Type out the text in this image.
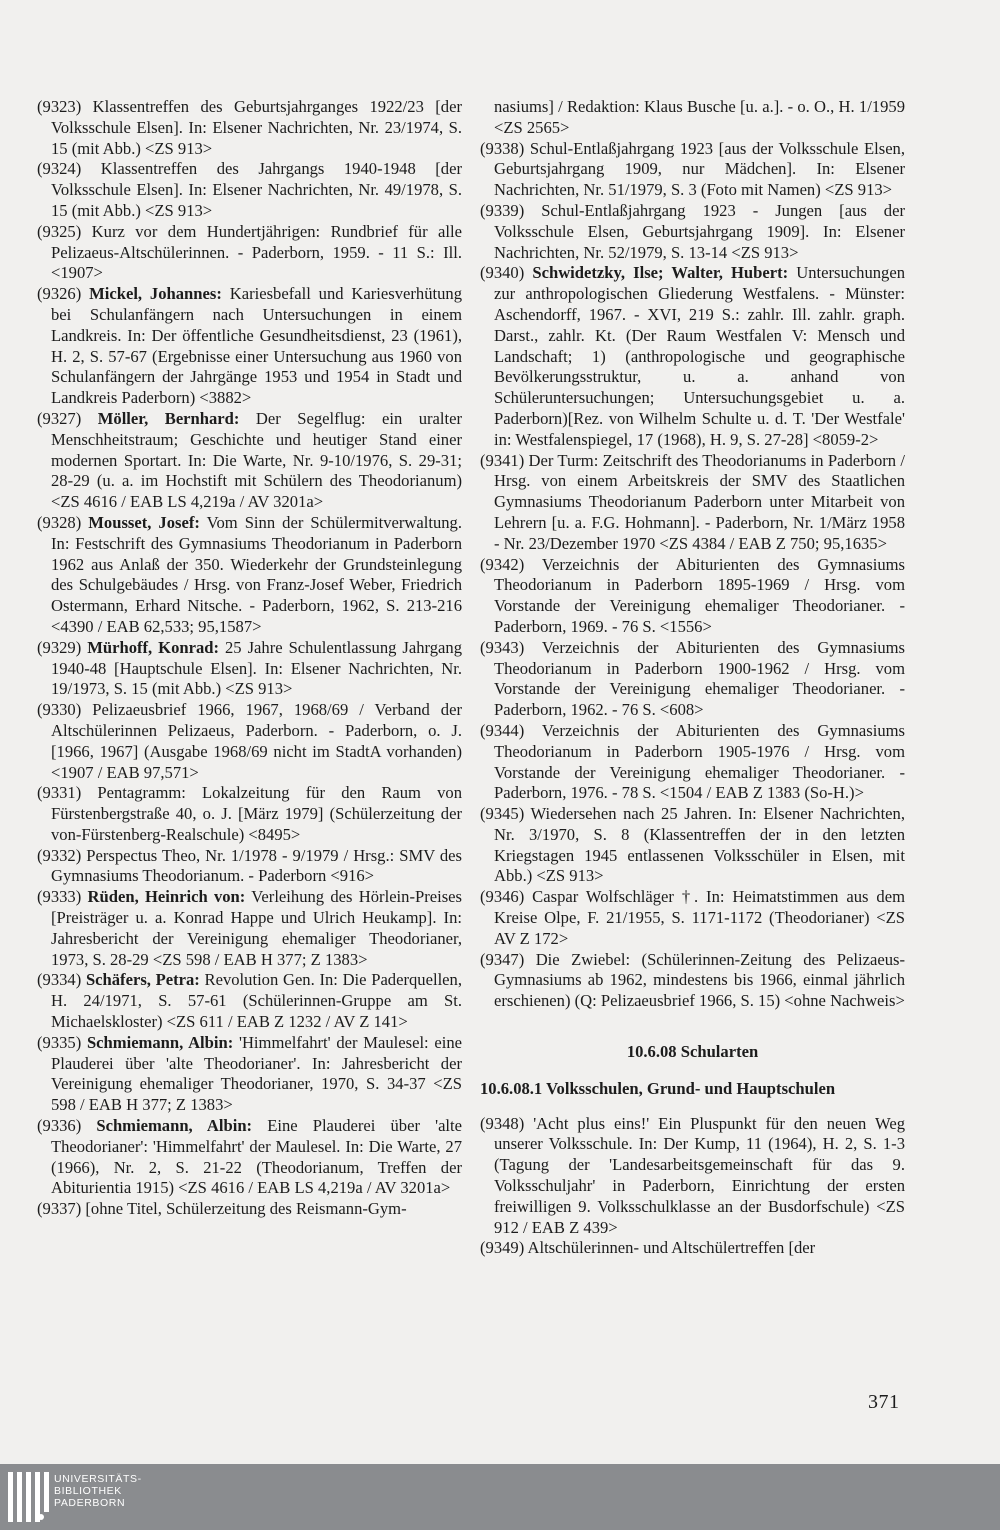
(9323) Klassentreffen des Geburtsjahrganges 1922/23 [der Volksschule Elsen]. In: Elsener Nachrichten, Nr. 23/1974, S. 15 (mit Abb.) <ZS 913>

(9324) Klassentreffen des Jahrgangs 1940-1948 [der Volksschule Elsen]. In: Elsener Nachrichten, Nr. 49/1978, S. 15 (mit Abb.) <ZS 913>

(9325) Kurz vor dem Hundertjährigen: Rundbrief für alle Pelizaeus-Altschülerinnen. - Paderborn, 1959. - 11 S.: Ill. <1907>

(9326) Mickel, Johannes: Kariesbefall und Kariesverhütung bei Schulanfängern nach Untersuchungen in einem Landkreis. In: Der öffentliche Gesundheitsdienst, 23 (1961), H. 2, S. 57-67 (Ergebnisse einer Untersuchung aus 1960 von Schulanfängern der Jahrgänge 1953 und 1954 in Stadt und Landkreis Paderborn) <3882>

(9327) Möller, Bernhard: Der Segelflug: ein uralter Menschheitstraum; Geschichte und heutiger Stand einer modernen Sportart. In: Die Warte, Nr. 9-10/1976, S. 29-31; 28-29 (u. a. im Hochstift mit Schülern des Theodorianum) <ZS 4616 / EAB LS 4,219a / AV 3201a>

(9328) Mousset, Josef: Vom Sinn der Schülermitverwaltung. In: Festschrift des Gymnasiums Theodorianum in Paderborn 1962 aus Anlaß der 350. Wiederkehr der Grundsteinlegung des Schulgebäudes / Hrsg. von Franz-Josef Weber, Friedrich Ostermann, Erhard Nitsche. - Paderborn, 1962, S. 213-216 <4390 / EAB 62,533; 95,1587>

(9329) Mürhoff, Konrad: 25 Jahre Schulentlassung Jahrgang 1940-48 [Hauptschule Elsen]. In: Elsener Nachrichten, Nr. 19/1973, S. 15 (mit Abb.) <ZS 913>

(9330) Pelizaeusbrief 1966, 1967, 1968/69 / Verband der Altschülerinnen Pelizaeus, Paderborn. - Paderborn, o. J. [1966, 1967] (Ausgabe 1968/69 nicht im StadtA vorhanden) <1907 / EAB 97,571>

(9331) Pentagramm: Lokalzeitung für den Raum von Fürstenbergstraße 40, o. J. [März 1979] (Schülerzeitung der von-Fürstenberg-Realschule) <8495>

(9332) Perspectus Theo, Nr. 1/1978 - 9/1979 / Hrsg.: SMV des Gymnasiums Theodorianum. - Paderborn <916>

(9333) Rüden, Heinrich von: Verleihung des Hörlein-Preises [Preisträger u. a. Konrad Happe und Ulrich Heukamp]. In: Jahresbericht der Vereinigung ehemaliger Theodorianer, 1973, S. 28-29 <ZS 598 / EAB H 377; Z 1383>

(9334) Schäfers, Petra: Revolution Gen. In: Die Paderquellen, H. 24/1971, S. 57-61 (Schülerinnen-Gruppe am St. Michaelskloster) <ZS 611 / EAB Z 1232 / AV Z 141>

(9335) Schmiemann, Albin: 'Himmelfahrt' der Maulesel: eine Plauderei über 'alte Theodorianer'. In: Jahresbericht der Vereinigung ehemaliger Theodorianer, 1970, S. 34-37 <ZS 598 / EAB H 377; Z 1383>

(9336) Schmiemann, Albin: Eine Plauderei über 'alte Theodorianer': 'Himmelfahrt' der Maulesel. In: Die Warte, 27 (1966), Nr. 2, S. 21-22 (Theodorianum, Treffen der Abiturientia 1915) <ZS 4616 / EAB LS 4,219a / AV 3201a>

(9337) [ohne Titel, Schülerzeitung des Reismann-Gym-

nasiums] / Redaktion: Klaus Busche [u. a.]. - o. O., H. 1/1959 <ZS 2565>

(9338) Schul-Entlaßjahrgang 1923 [aus der Volksschule Elsen, Geburtsjahrgang 1909, nur Mädchen]. In: Elsener Nachrichten, Nr. 51/1979, S. 3 (Foto mit Namen) <ZS 913>

(9339) Schul-Entlaßjahrgang 1923 - Jungen [aus der Volksschule Elsen, Geburtsjahrgang 1909]. In: Elsener Nachrichten, Nr. 52/1979, S. 13-14 <ZS 913>

(9340) Schwidetzky, Ilse; Walter, Hubert: Untersuchungen zur anthropologischen Gliederung Westfalens. - Münster: Aschendorff, 1967. - XVI, 219 S.: zahlr. Ill. zahlr. graph. Darst., zahlr. Kt. (Der Raum Westfalen V: Mensch und Landschaft; 1) (anthropologische und geographische Bevölkerungsstruktur, u. a. anhand von Schüleruntersuchungen; Untersuchungsgebiet u. a. Paderborn)[Rez. von Wilhelm Schulte u. d. T. 'Der Westfale' in: Westfalenspiegel, 17 (1968), H. 9, S. 27-28] <8059-2>

(9341) Der Turm: Zeitschrift des Theodorianums in Paderborn / Hrsg. von einem Arbeitskreis der SMV des Staatlichen Gymnasiums Theodorianum Paderborn unter Mitarbeit von Lehrern [u. a. F.G. Hohmann]. - Paderborn, Nr. 1/März 1958 - Nr. 23/Dezember 1970 <ZS 4384 / EAB Z 750; 95,1635>

(9342) Verzeichnis der Abiturienten des Gymnasiums Theodorianum in Paderborn 1895-1969 / Hrsg. vom Vorstande der Vereinigung ehemaliger Theodorianer. - Paderborn, 1969. - 76 S. <1556>

(9343) Verzeichnis der Abiturienten des Gymnasiums Theodorianum in Paderborn 1900-1962 / Hrsg. vom Vorstande der Vereinigung ehemaliger Theodorianer. - Paderborn, 1962. - 76 S. <608>

(9344) Verzeichnis der Abiturienten des Gymnasiums Theodorianum in Paderborn 1905-1976 / Hrsg. vom Vorstande der Vereinigung ehemaliger Theodorianer. - Paderborn, 1976. - 78 S. <1504 / EAB Z 1383 (So-H.)>

(9345) Wiedersehen nach 25 Jahren. In: Elsener Nachrichten, Nr. 3/1970, S. 8 (Klassentreffen der in den letzten Kriegstagen 1945 entlassenen Volksschüler in Elsen, mit Abb.) <ZS 913>

(9346) Caspar Wolfschläger †. In: Heimatstimmen aus dem Kreise Olpe, F. 21/1955, S. 1171-1172 (Theodorianer) <ZS AV Z 172>

(9347) Die Zwiebel: (Schülerinnen-Zeitung des Pelizaeus-Gymnasiums ab 1962, mindestens bis 1966, einmal jährlich erschienen) (Q: Pelizaeusbrief 1966, S. 15) <ohne Nachweis>

10.6.08 Schularten

10.6.08.1 Volksschulen, Grund- und Hauptschulen

(9348) 'Acht plus eins!' Ein Pluspunkt für den neuen Weg unserer Volksschule. In: Der Kump, 11 (1964), H. 2, S. 1-3 (Tagung der 'Landesarbeitsgemeinschaft für das 9. Volksschuljahr' in Paderborn, Einrichtung der ersten freiwilligen 9. Volksschulklasse an der Busdorfschule) <ZS 912 / EAB Z 439>

(9349) Altschülerinnen- und Altschülertreffen [der

371
UNIVERSITÄTS-
BIBLIOTHEK
PADERBORN
